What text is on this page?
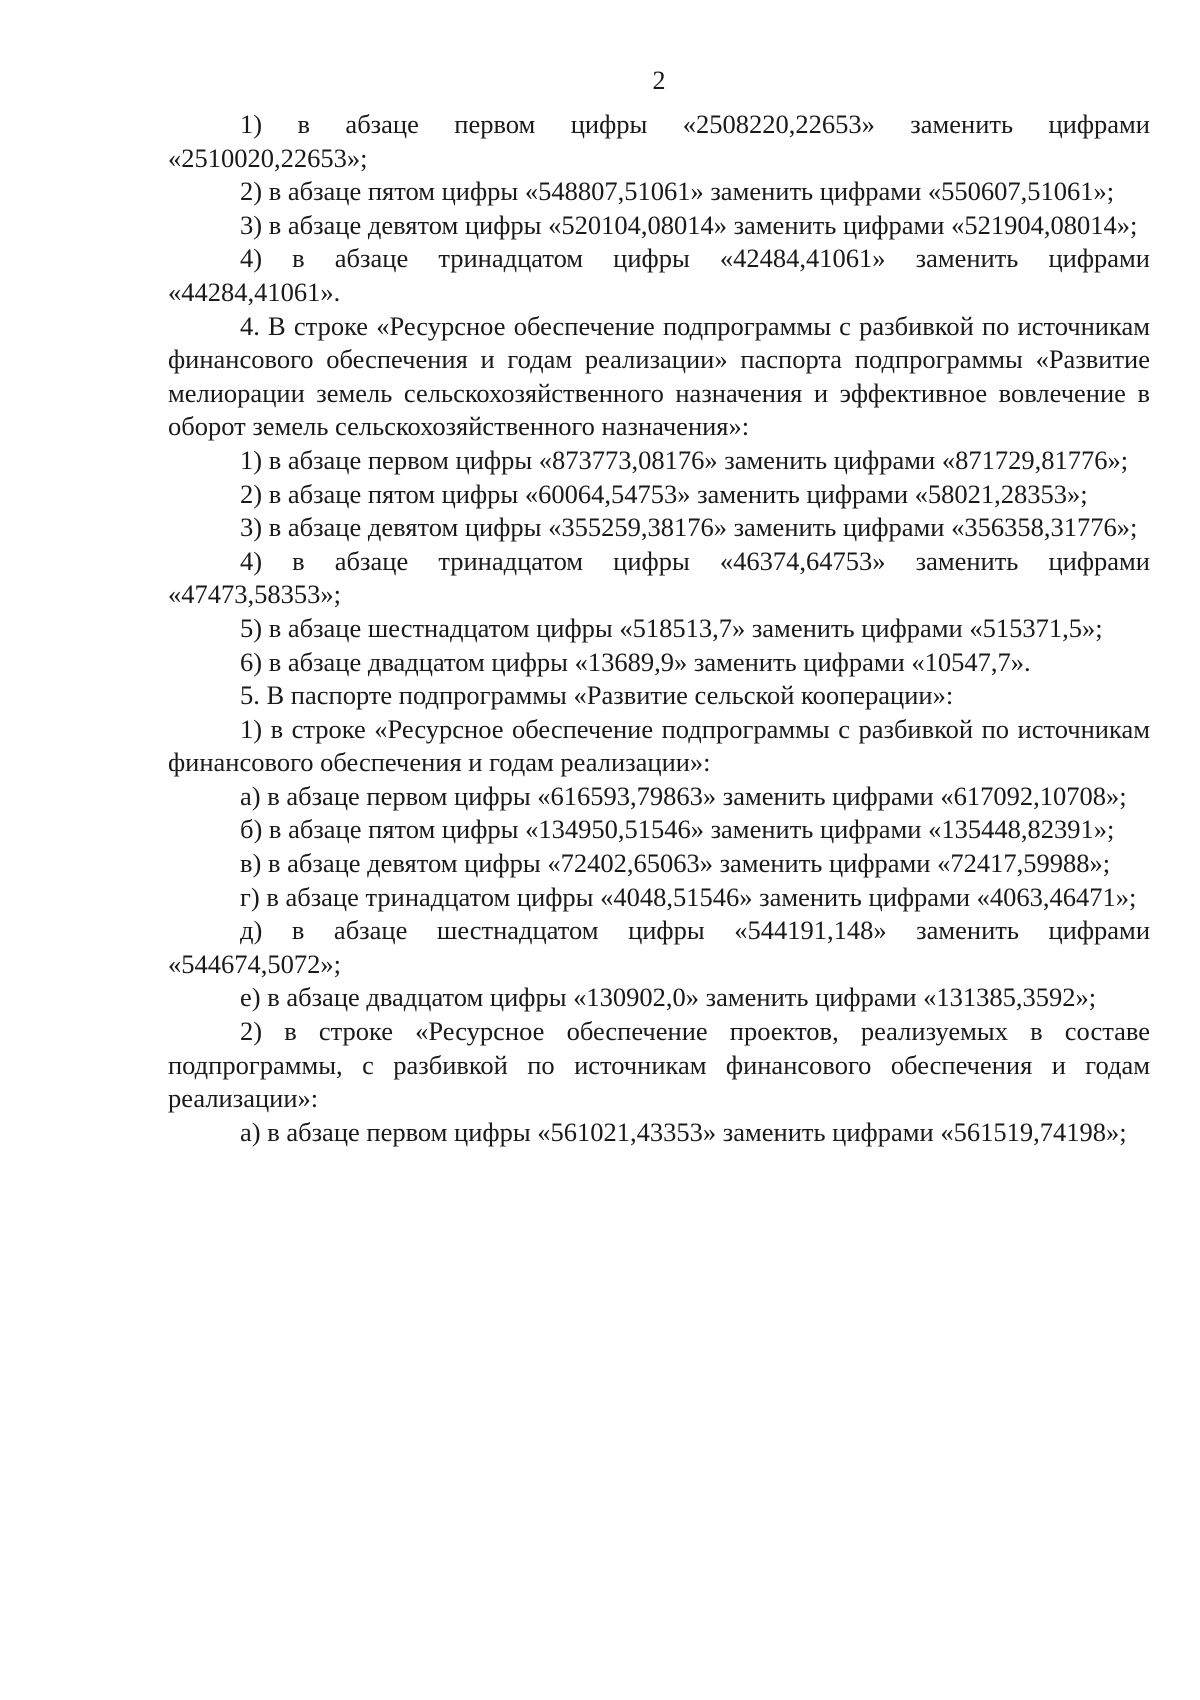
2

1) в абзаце первом цифры «2508220,22653» заменить цифрами «2510020,22653»;

2) в абзаце пятом цифры «548807,51061» заменить цифрами «550607,51061»;

3) в абзаце девятом цифры «520104,08014» заменить цифрами «521904,08014»;

4) в абзаце тринадцатом цифры «42484,41061» заменить цифрами «44284,41061».

4. В строке «Ресурсное обеспечение подпрограммы с разбивкой по источникам финансового обеспечения и годам реализации» паспорта подпрограммы «Развитие мелиорации земель сельскохозяйственного назначения и эффективное вовлечение в оборот земель сельскохозяйственного назначения»:

1) в абзаце первом цифры «873773,08176» заменить цифрами «871729,81776»;

2) в абзаце пятом цифры «60064,54753» заменить цифрами «58021,28353»;

3) в абзаце девятом цифры «355259,38176» заменить цифрами «356358,31776»;

4) в абзаце тринадцатом цифры «46374,64753» заменить цифрами «47473,58353»;

5) в абзаце шестнадцатом цифры «518513,7» заменить цифрами «515371,5»;

6) в абзаце двадцатом цифры «13689,9» заменить цифрами «10547,7».

5. В паспорте подпрограммы «Развитие сельской кооперации»:

1) в строке «Ресурсное обеспечение подпрограммы с разбивкой по источникам финансового обеспечения и годам реализации»:

а) в абзаце первом цифры «616593,79863» заменить цифрами «617092,10708»;

б) в абзаце пятом цифры «134950,51546» заменить цифрами «135448,82391»;

в) в абзаце девятом цифры «72402,65063» заменить цифрами «72417,59988»;

г) в абзаце тринадцатом цифры «4048,51546» заменить цифрами «4063,46471»;

д) в абзаце шестнадцатом цифры «544191,148» заменить цифрами «544674,5072»;

е) в абзаце двадцатом цифры «130902,0» заменить цифрами «131385,3592»;

2) в строке «Ресурсное обеспечение проектов, реализуемых в составе подпрограммы, с разбивкой по источникам финансового обеспечения и годам реализации»:

а) в абзаце первом цифры «561021,43353» заменить цифрами «561519,74198»;
